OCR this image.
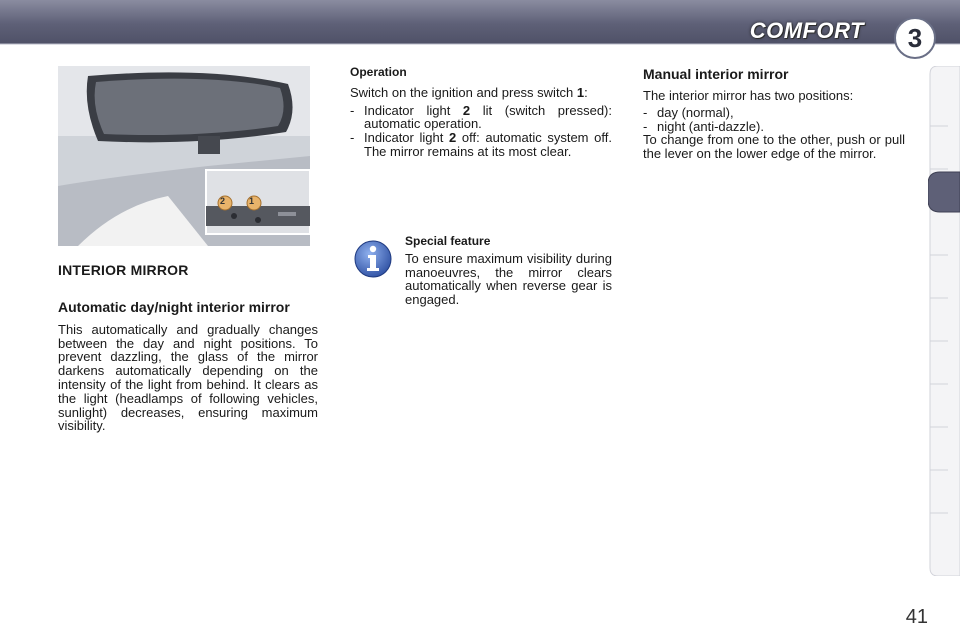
COMFORT	3
2	1
INTERIOR MIRROR
Automatic day/night interior mirror

This automatically and gradually changes between the day and night positions. To prevent dazzling, the glass of the mirror darkens automatically depending on the intensity of the light from behind. It clears as the light (headlamps of following vehicles, sunlight) decreases, ensuring maximum visibility.

Operation

Switch on the ignition and press switch 1:

- Indicator light 2 lit (switch pressed): automatic operation.
- Indicator light 2 off: automatic system off. The mirror remains at its most clear.
Special feature

To ensure maximum visibility during manoeuvres, the mirror clears automatically when reverse gear is engaged.

Manual interior mirror

The interior mirror has two positions:

- day (normal),
- night (anti-dazzle).

To change from one to the other, push or pull the lever on the lower edge of the mirror.

41
